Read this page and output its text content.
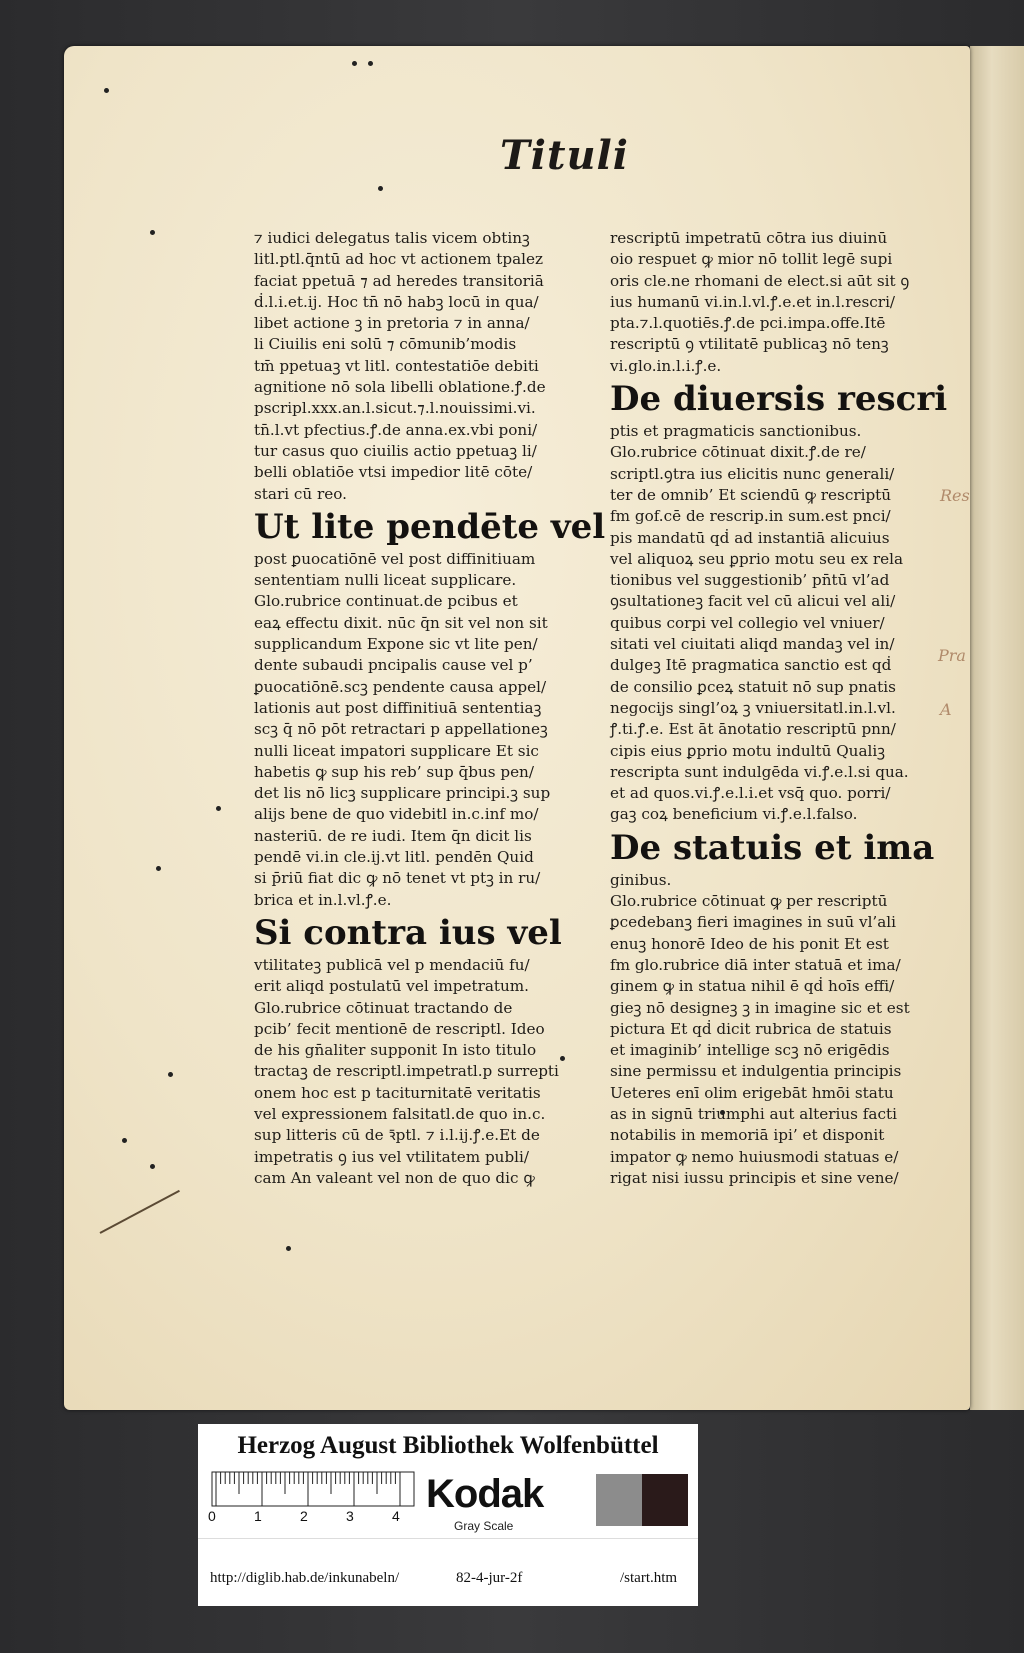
Tituli
⁊ iudici delegatus talis vicem obtinꝫ
litl.ptl.q̄ntū ad hoc vt actionem tpalez
faciat ppetuā ⁊ ad heredes transitoriā
ḋ.l.i.et.ij. Hoc tn̄ nō habꝫ locū in qua/
libet actione ꝫ in pretoria ⁊ in anna/
li Ciuilis eni solū ⁊ cōmunib’modis
tm̄ ppetuaꝫ vt litl. contestatiōe debiti
agnitione nō sola libelli oblatione.ꝭ.de
pscripl.xxx.an.l.sicut.⁊.l.nouissimi.vi.
tn̄.l.vt pfectius.ꝭ.de anna.ex.vbi poni/
tur casus quo ciuilis actio ppetuaꝫ li/
belli oblatiōe vtsi impedior litē cōte/
stari cū reo.
Ut lite pendēte vel
post ꝑuocatiōnē vel post diffinitiuam
sententiam nulli liceat supplicare.
Glo.rubrice continuat.de pcibus et
eaꝝ effectu dixit. nūc q̄n sit vel non sit
supplicandum Expone sic vt lite pen/
dente subaudi pncipalis cause vel p’
ꝑuocatiōnē.scꝫ pendente causa appel/
lationis aut post diffinitiuā sententiaꝫ
scꝫ q̄ nō pōt retractari p appellationeꝫ
nulli liceat impatori supplicare Et sic
habetis ꝙ sup his reb’ sup q̄bus pen/
det lis nō licꝫ supplicare principi.ꝫ sup
alijs bene de quo videbitl in.c.inf mo/
nasteriū. de re iudi. Item q̄n dicit lis
pendē vi.in cle.ij.vt litl. pendēn Quid
si p̄riū fiat dic ꝙ nō tenet vt ptꝫ in ru/
brica et in.l.vl.ꝭ.e.
Si contra ius vel
vtilitateꝫ publicā vel p mendaciū fu/
erit aliqd postulatū vel impetratum.
Glo.rubrice cōtinuat tractando de
pcib’ fecit mentionē de rescriptl. Ideo
de his gn̄aliter supponit In isto titulo
tractaꝫ de rescriptl.impetratl.p surrepti
onem hoc est p taciturnitatē veritatis
vel expressionem falsitatl.de quo in.c.
sup litteris cū de ꝛ̄ptl. ⁊ i.l.ij.ꝭ.e.Et de
impetratis ꝯ ius vel vtilitatem publi/
cam An valeant vel non de quo dic ꝙ
rescriptū impetratū cōtra ius diuinū
oio respuet ꝙ mior nō tollit legē supi
oris cle.ne rhomani de elect.si aūt sit ꝯ
ius humanū vi.in.l.vl.ꝭ.e.et in.l.rescri/
pta.⁊.l.quotiēs.ꝭ.de pci.impa.offe.Itē
rescriptū ꝯ vtilitatē publicaꝫ nō tenꝫ
vi.glo.in.l.i.ꝭ.e.
De diuersis rescri
ptis et pragmaticis sanctionibus.
Glo.rubrice cōtinuat dixit.ꝭ.de re/
scriptl.ꝯtra ius elicitis nunc generali/
ter de omnib’ Et sciendū ꝙ rescriptū
fm gof.cē de rescrip.in sum.est pnci/
pis mandatū qḋ ad instantiā alicuius
vel aliquoꝝ seu ꝑprio motu seu ex rela
tionibus vel suggestionib’ pn̄tū vl’ad
ꝯsultationeꝫ facit vel cū alicui vel ali/
quibus corpi vel collegio vel vniuer/
sitati vel ciuitati aliqd mandaꝫ vel in/
dulgeꝫ Itē pragmatica sanctio est qḋ
de consilio ꝑceꝝ statuit nō sup pnatis
negocijs singl’oꝝ ꝫ vniuersitatl.in.l.vl.
ꝭ.ti.ꝭ.e. Est āt ānotatio rescriptū pnn/
cipis eius ꝑprio motu indultū Qualiꝫ
rescripta sunt indulgēda vi.ꝭ.e.l.si qua.
et ad quos.vi.ꝭ.e.l.i.et vsq̄ quo. porri/
gaꝫ coꝝ beneficium vi.ꝭ.e.l.falso.
De statuis et ima
ginibus.
Glo.rubrice cōtinuat ꝙ per rescriptū
ꝑcedebanꝫ fieri imagines in suū vl’ali
enuꝫ honorē Ideo de his ponit Et est
fm glo.rubrice diā inter statuā et ima/
ginem ꝙ in statua nihil ē qḋ hoīs effi/
gieꝫ nō designeꝫ ꝫ in imagine sic et est
pictura Et qḋ dicit rubrica de statuis
et imaginib’ intellige scꝫ nō erigēdis
sine permissu et indulgentia principis
Ueteres enī olim erigebāt hmōi statu
as in signū triumphi aut alterius facti
notabilis in memoriā ipi’ et disponit
impator ꝙ nemo huiusmodi statuas e/
rigat nisi iussu principis et sine vene/
Res
Pra
A
Herzog August Bibliothek Wolfenbüttel
0	1	2	3	4 Kodak
Gray Scale
http://diglib.hab.de/inkunabeln/	82-4-jur-2f	/start.htm
